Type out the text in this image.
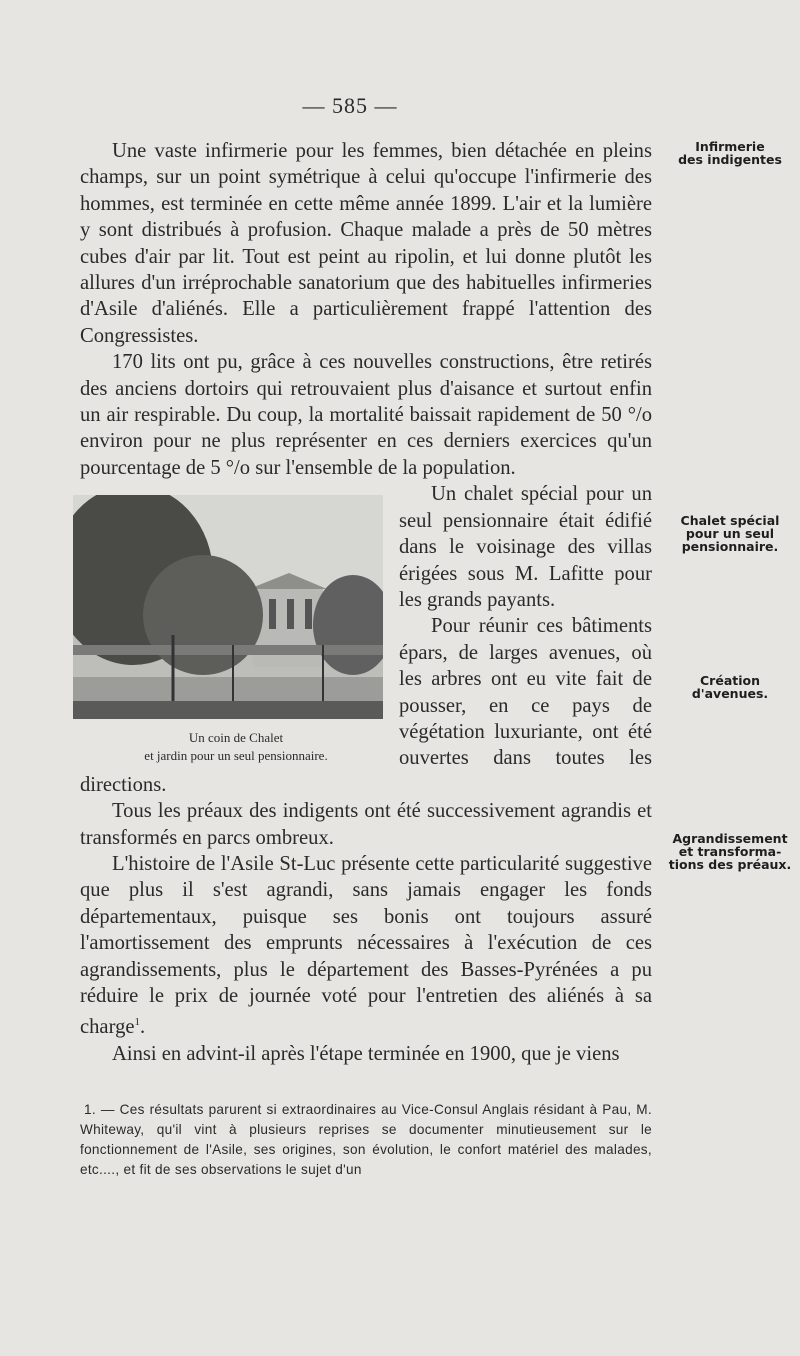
— 585 —

Une vaste infirmerie pour les femmes, bien détachée en pleins champs, sur un point symétrique à celui qu'occupe l'infirmerie des hommes, est terminée en cette même année 1899. L'air et la lumière y sont distribués à profusion. Chaque malade a près de 50 mètres cubes d'air par lit. Tout est peint au ripolin, et lui donne plutôt les allures d'un irréprochable sanatorium que des habituelles infirmeries d'Asile d'aliénés. Elle a particulièrement frappé l'attention des Congressistes.

170 lits ont pu, grâce à ces nouvelles constructions, être retirés des anciens dortoirs qui retrouvaient plus d'aisance et surtout enfin un air respirable. Du coup, la mortalité baissait rapidement de 50 °/o environ pour ne plus représenter en ces derniers exercices qu'un pourcentage de 5 °/o sur l'ensemble de la population.

Un coin de Chalet
et jardin pour un seul pensionnaire.

Un chalet spécial pour un seul pensionnaire était édifié dans le voisinage des villas érigées sous M. Lafitte pour les grands payants.

Pour réunir ces bâtiments épars, de larges avenues, où les arbres ont eu vite fait de pousser, en ce pays de végétation luxuriante, ont été ouvertes dans toutes les directions.

Tous les préaux des indigents ont été successivement agrandis et transformés en parcs ombreux.

L'histoire de l'Asile St-Luc présente cette particularité suggestive que plus il s'est agrandi, sans jamais engager les fonds départementaux, puisque ses bonis ont toujours assuré l'amortissement des emprunts nécessaires à l'exécution de ces agrandissements, plus le département des Basses-Pyrénées a pu réduire le prix de journée voté pour l'entretien des aliénés à sa charge$^1$.

Ainsi en advint-il après l'étape terminée en 1900, que je viens

Infirmerie
des indigentes
Chalet spécial
pour un seul
pensionnaire.
Création
d'avenues.
Agrandissement
et transforma-
tions des préaux.
1. — Ces résultats parurent si extraordinaires au Vice-Consul Anglais résidant à Pau, M. Whiteway, qu'il vint à plusieurs reprises se documenter minutieusement sur le fonctionnement de l'Asile, ses origines, son évolution, le confort matériel des malades, etc...., et fit de ses observations le sujet d'un
